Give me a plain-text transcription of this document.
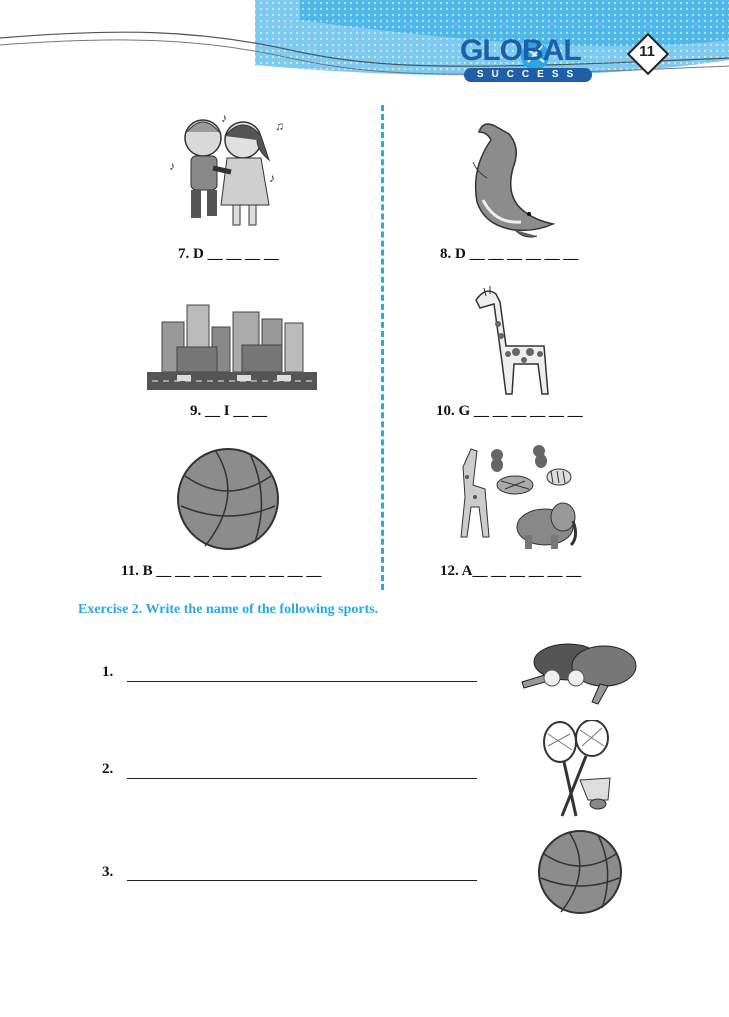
GLOBAL
SUCCESS
11
♪
♫
♪
♪
7. D __ __ __ __	8. D __ __ __ __ __ __
9. __ I __ __	10. G __ __ __ __ __ __
11. B __ __ __ __ __ __ __ __ __	12. A__ __ __ __ __ __
Exercise 2. Write the name of the following sports.
1.
2.
3.
